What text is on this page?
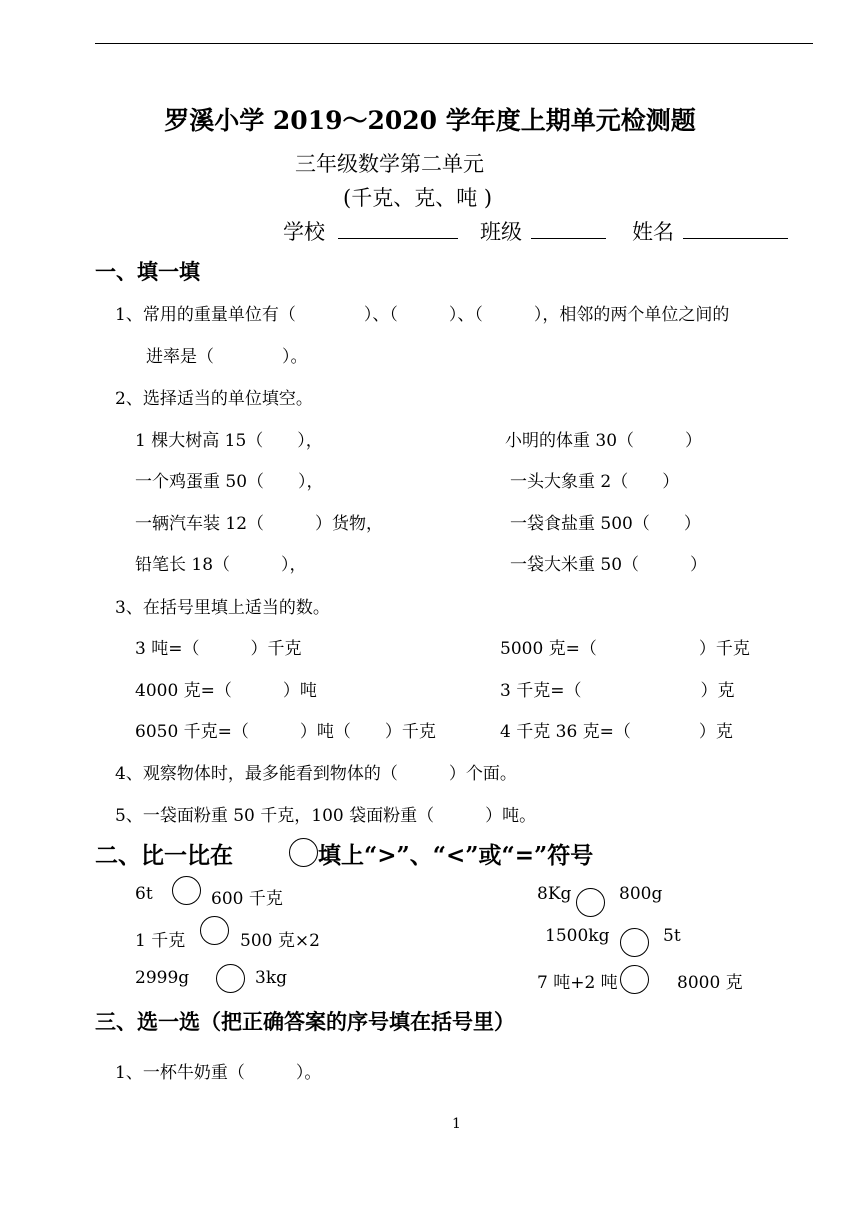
罗溪小学 2019～2020 学年度上期单元检测题
三年级数学第二单元
(千克、克、吨 )
学校	班级	姓名
一、填一填
1、常用的重量单位有（　　　　）、（　　　）、（　　　），相邻的两个单位之间的
进率是（　　　　）。
2、选择适当的单位填空。
1 棵大树高 15（　　），	小明的体重 30（　　　）
一个鸡蛋重 50（　　），	一头大象重 2（　　）
一辆汽车装 12（　　　）货物，	一袋食盐重 500（　　）
铅笔长 18（　　　），	一袋大米重 50（　　　）
3、在括号里填上适当的数。
3 吨=（　　　）千克	5000 克=（　　　　　　）千克
4000 克=（　　　）吨	3 千克=（　　　　　　　）克
6050 千克=（　　　）吨（　　）千克	4 千克 36 克=（　　　　）克
4、观察物体时，最多能看到物体的（　　　）个面。
5、一袋面粉重 50 千克，100 袋面粉重（　　　）吨。
二、比一比在	填上“>”、“<”或“=”符号
6t	600 千克	8Kg	800g
1 千克	500 克×2	1500kg	5t
2999g	3kg	7 吨+2 吨	8000 克
三、选一选（把正确答案的序号填在括号里）
1、一杯牛奶重（　　　）。
1
